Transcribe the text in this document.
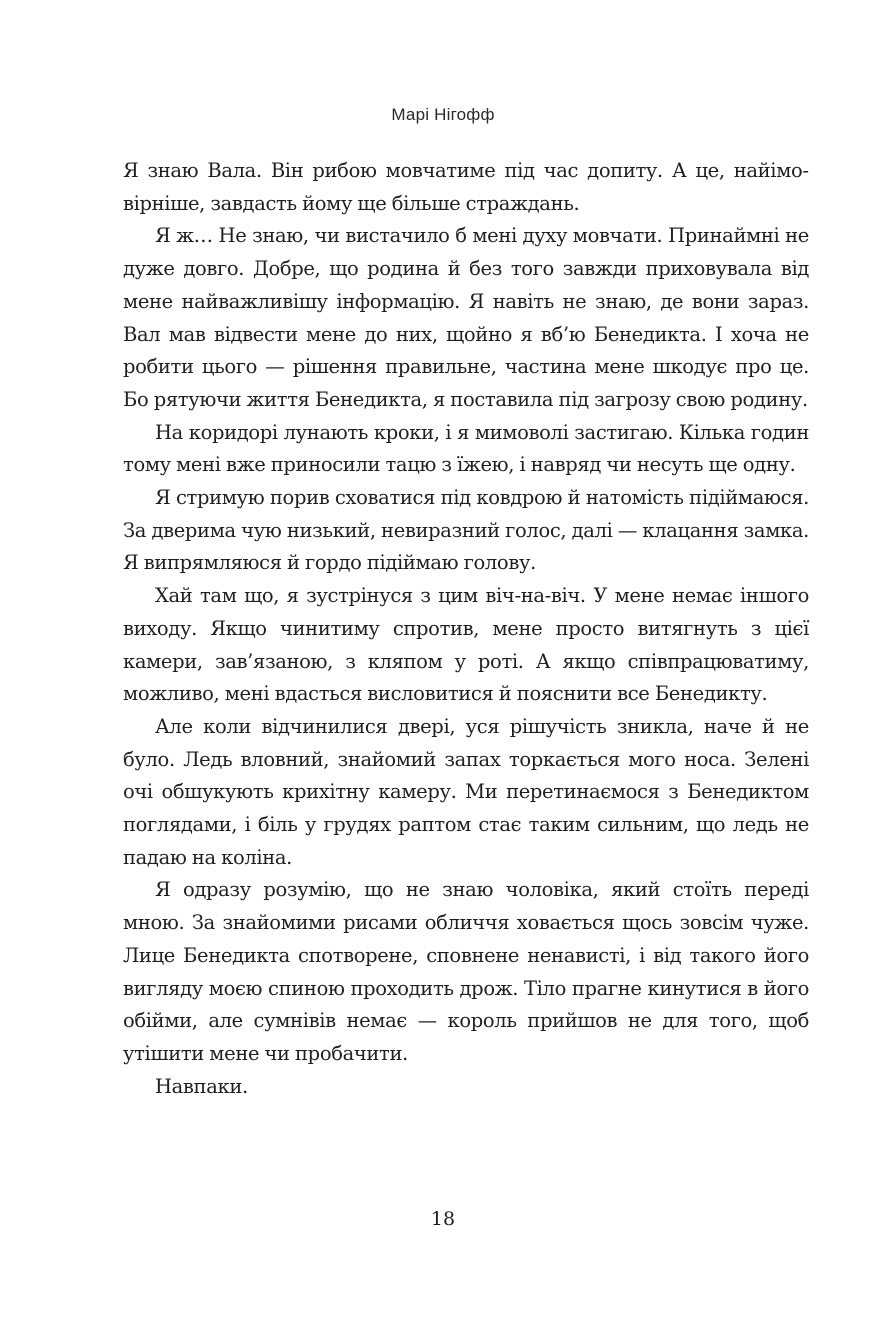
Марі Нігофф

Я знаю Вала. Він рибою мовчатиме під час допиту. А це, найімовірніше, завдасть йому ще більше страждань.

Я ж… Не знаю, чи вистачило б мені духу мовчати. Принаймні не дуже довго. Добре, що родина й без того завжди приховувала від мене найважливішу інформацію. Я навіть не знаю, де вони зараз. Вал мав відвести мене до них, щойно я вб’ю Бенедикта. І хоча не робити цього — рішення правильне, частина мене шкодує про це. Бо рятуючи життя Бенедикта, я поставила під загрозу свою родину.

На коридорі лунають кроки, і я мимоволі застигаю. Кілька годин тому мені вже приносили тацю з їжею, і навряд чи несуть ще одну.

Я стримую порив сховатися під ковдрою й натомість підіймаюся. За дверима чую низький, невиразний голос, далі — клацання замка. Я випрямляюся й гордо підіймаю голову.

Хай там що, я зустрінуся з цим віч-на-віч. У мене немає іншого виходу. Якщо чинитиму спротив, мене просто витягнуть з цієї камери, зав’язаною, з кляпом у роті. А якщо співпрацюватиму, можливо, мені вдасться висловитися й пояснити все Бенедикту.

Але коли відчинилися двері, уся рішучість зникла, наче й не було. Ледь вловний, знайомий запах торкається мого носа. Зелені очі обшукують крихітну камеру. Ми перетинаємося з Бенедиктом поглядами, і біль у грудях раптом стає таким сильним, що ледь не падаю на коліна.

Я одразу розумію, що не знаю чоловіка, який стоїть переді мною. За знайомими рисами обличчя ховається щось зовсім чуже. Лице Бенедикта спотворене, сповнене ненависті, і від такого його вигляду моєю спиною проходить дрож. Тіло прагне кинутися в його обійми, але сумнівів немає — король прийшов не для того, щоб утішити мене чи пробачити.

Навпаки.

18
